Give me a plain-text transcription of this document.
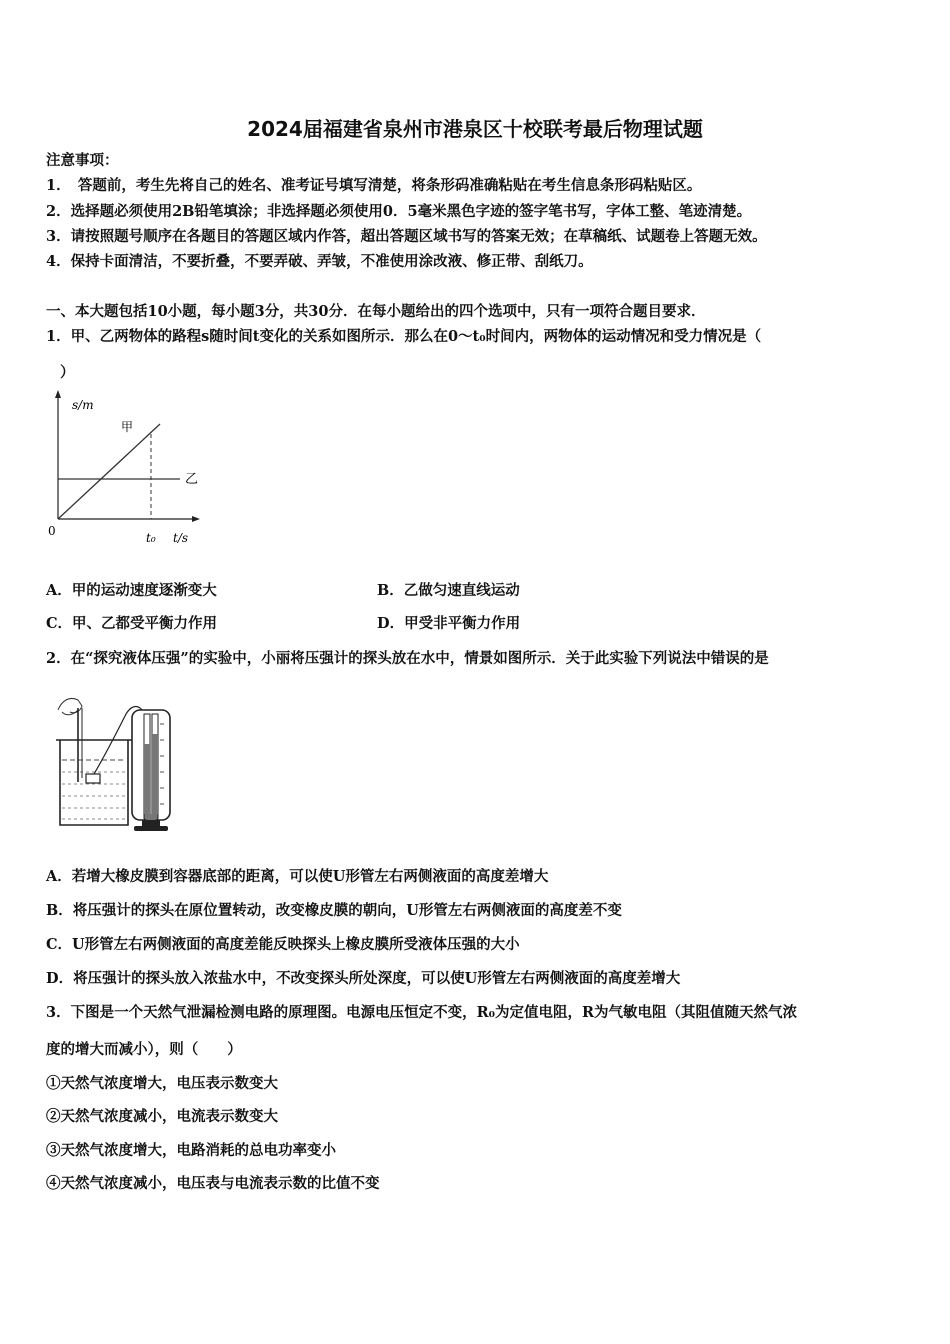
2024届福建省泉州市港泉区十校联考最后物理试题
注意事项：
1．　答题前，考生先将自己的姓名、准考证号填写清楚，将条形码准确粘贴在考生信息条形码粘贴区。
2．选择题必须使用2B铅笔填涂；非选择题必须使用0．5毫米黑色字迹的签字笔书写，字体工整、笔迹清楚。
3．请按照题号顺序在各题目的答题区域内作答，超出答题区域书写的答案无效；在草稿纸、试题卷上答题无效。
4．保持卡面清洁，不要折叠，不要弄破、弄皱，不准使用涂改液、修正带、刮纸刀。
一、本大题包括10小题，每小题3分，共30分．在每小题给出的四个选项中，只有一项符合题目要求．
1．甲、乙两物体的路程s随时间t变化的关系如图所示．那么在0～t₀时间内，两物体的运动情况和受力情况是（
）
s/m
t/s
0	t₀
甲
乙
A．甲的运动速度逐渐变大	B．乙做匀速直线运动
C．甲、乙都受平衡力作用	D．甲受非平衡力作用
2．在“探究液体压强”的实验中，小丽将压强计的探头放在水中，情景如图所示．关于此实验下列说法中错误的是
A．若增大橡皮膜到容器底部的距离，可以使U形管左右两侧液面的高度差增大
B．将压强计的探头在原位置转动，改变橡皮膜的朝向，U形管左右两侧液面的高度差不变
C．U形管左右两侧液面的高度差能反映探头上橡皮膜所受液体压强的大小
D．将压强计的探头放入浓盐水中，不改变探头所处深度，可以使U形管左右两侧液面的高度差增大
3．下图是一个天然气泄漏检测电路的原理图。电源电压恒定不变，R₀为定值电阻，R为气敏电阻（其阻值随天然气浓
度的增大而减小），则（　　）
①天然气浓度增大，电压表示数变大
②天然气浓度减小，电流表示数变大
③天然气浓度增大，电路消耗的总电功率变小
④天然气浓度减小，电压表与电流表示数的比值不变
